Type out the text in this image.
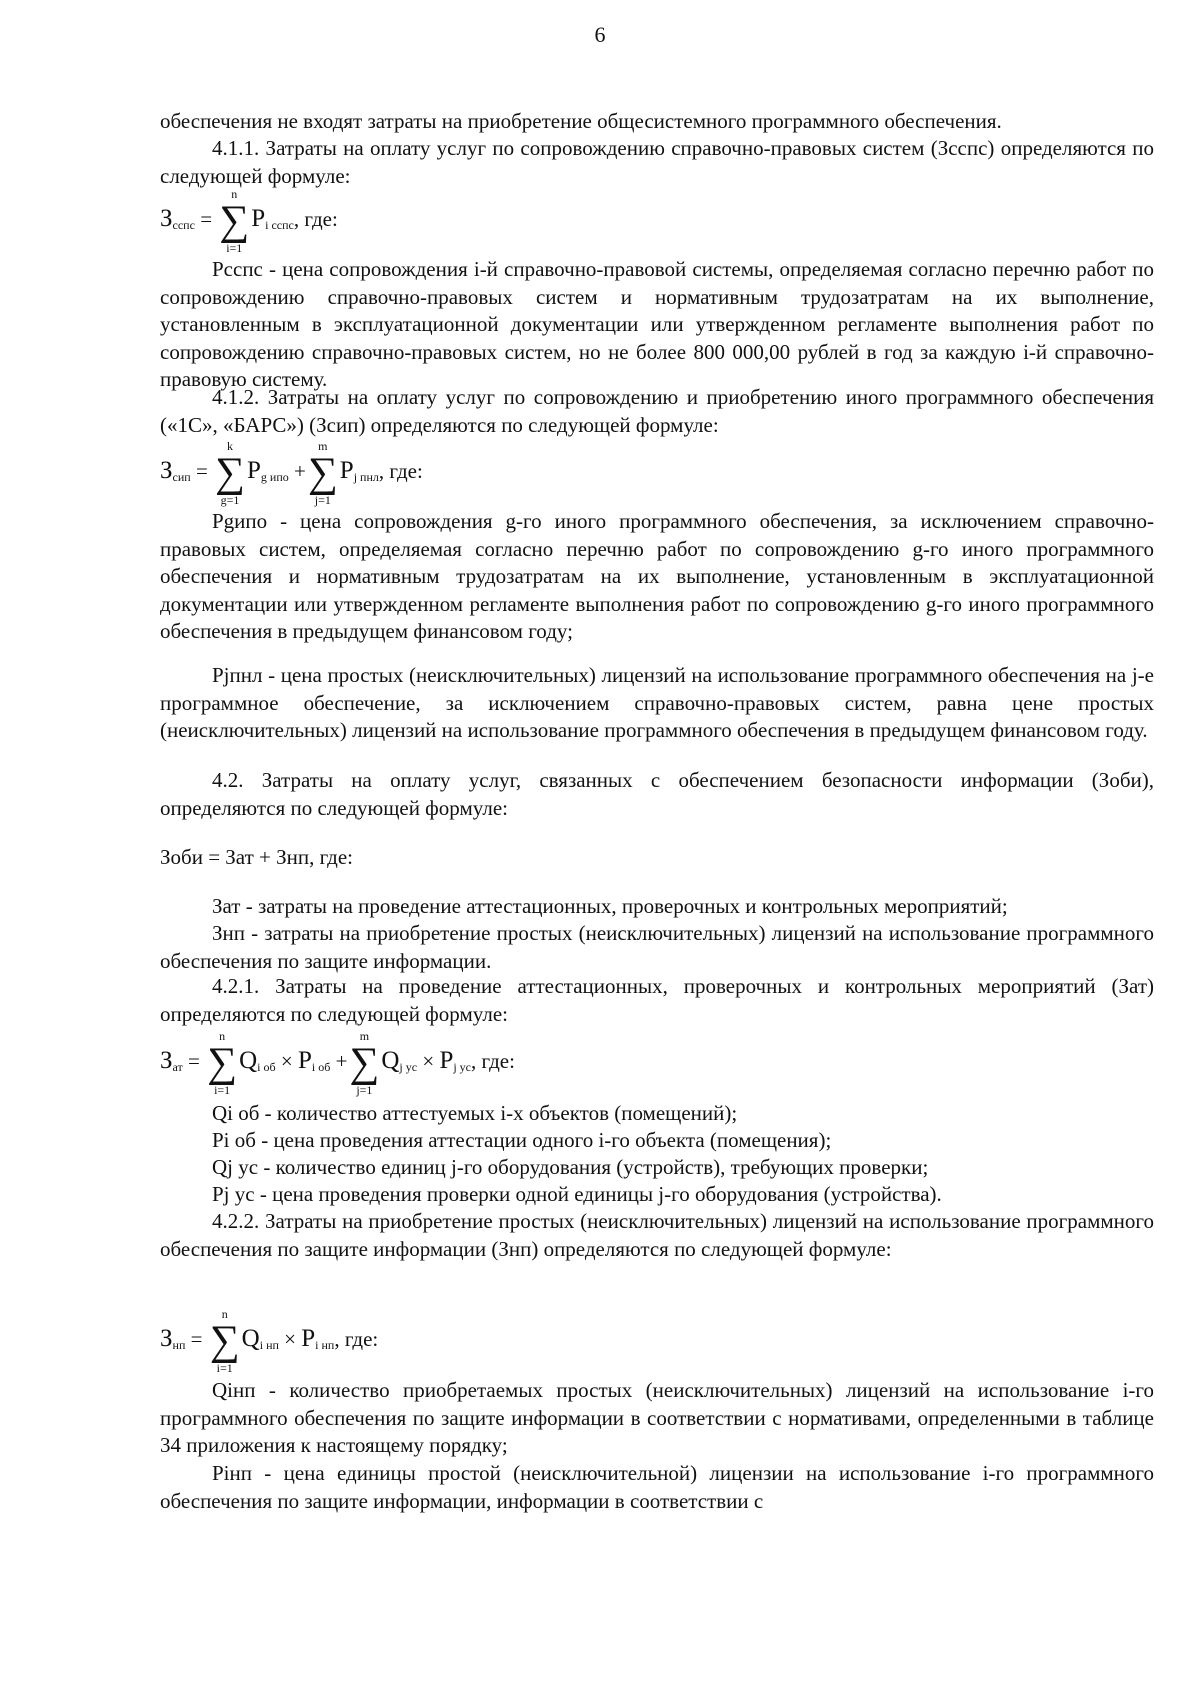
6

обеспечения не входят затраты на приобретение общесистемного программного обеспечения.

4.1.1. Затраты на оплату услуг по сопровождению справочно-правовых систем (Зсспс) определяются по следующей формуле:

$З_{сспс}$ = ∑
n
i=1
$P_{i сспс}$, где:

Рсспс - цена сопровождения i-й справочно-правовой системы, определяемая согласно перечню работ по сопровождению справочно-правовых систем и нормативным трудозатратам на их выполнение, установленным в эксплуатационной документации или утвержденном регламенте выполнения работ по сопровождению справочно-правовых систем, но не более 800 000,00 рублей в год за каждую i-й справочно-правовую систему.

4.1.2. Затраты на оплату услуг по сопровождению и приобретению иного программного обеспечения («1С», «БАРС») (Зсип) определяются по следующей формуле:

$З_{сип}$ = ∑
k
g=1
$P_{g ипо}$ +∑
m
j=1
$P_{j пнл}$, где:

Pgипо - цена сопровождения g-го иного программного обеспечения, за исключением справочно-правовых систем, определяемая согласно перечню работ по сопровождению g-го иного программного обеспечения и нормативным трудозатратам на их выполнение, установленным в эксплуатационной документации или утвержденном регламенте выполнения работ по сопровождению g-го иного программного обеспечения в предыдущем финансовом году;

Pjпнл - цена простых (неисключительных) лицензий на использование программного обеспечения на j-е программное обеспечение, за исключением справочно-правовых систем, равна цене простых (неисключительных) лицензий на использование программного обеспечения в предыдущем финансовом году.

4.2. Затраты на оплату услуг, связанных с обеспечением безопасности информации (Зоби), определяются по следующей формуле:

Зоби = Зат + Знп, где:

Зат - затраты на проведение аттестационных, проверочных и контрольных мероприятий;

Знп - затраты на приобретение простых (неисключительных) лицензий на использование программного обеспечения по защите информации.

4.2.1. Затраты на проведение аттестационных, проверочных и контрольных мероприятий (Зат) определяются по следующей формуле:

$З_{ат}$ = ∑
n
i=1
$Q_{i об} \times P_{i об}$ +∑
m
j=1
$Q_{j ус} \times P_{j ус}$, где:

Qi об - количество аттестуемых i-х объектов (помещений);

Pi об - цена проведения аттестации одного i-го объекта (помещения);

Qj ус - количество единиц j-го оборудования (устройств), требующих проверки;

Pj ус - цена проведения проверки одной единицы j-го оборудования (устройства).

4.2.2. Затраты на приобретение простых (неисключительных) лицензий на использование программного обеспечения по защите информации (Знп) определяются по следующей формуле:

$З_{нп}$ = ∑
n
i=1
$Q_{i нп} \times P_{i нп}$, где:

Qiнп - количество приобретаемых простых (неисключительных) лицензий на использование i-го программного обеспечения по защите информации в соответствии с нормативами, определенными в таблице 34 приложения к настоящему порядку;

Piнп - цена единицы простой (неисключительной) лицензии на использование i-го программного обеспечения по защите информации, информации в соответствии с
